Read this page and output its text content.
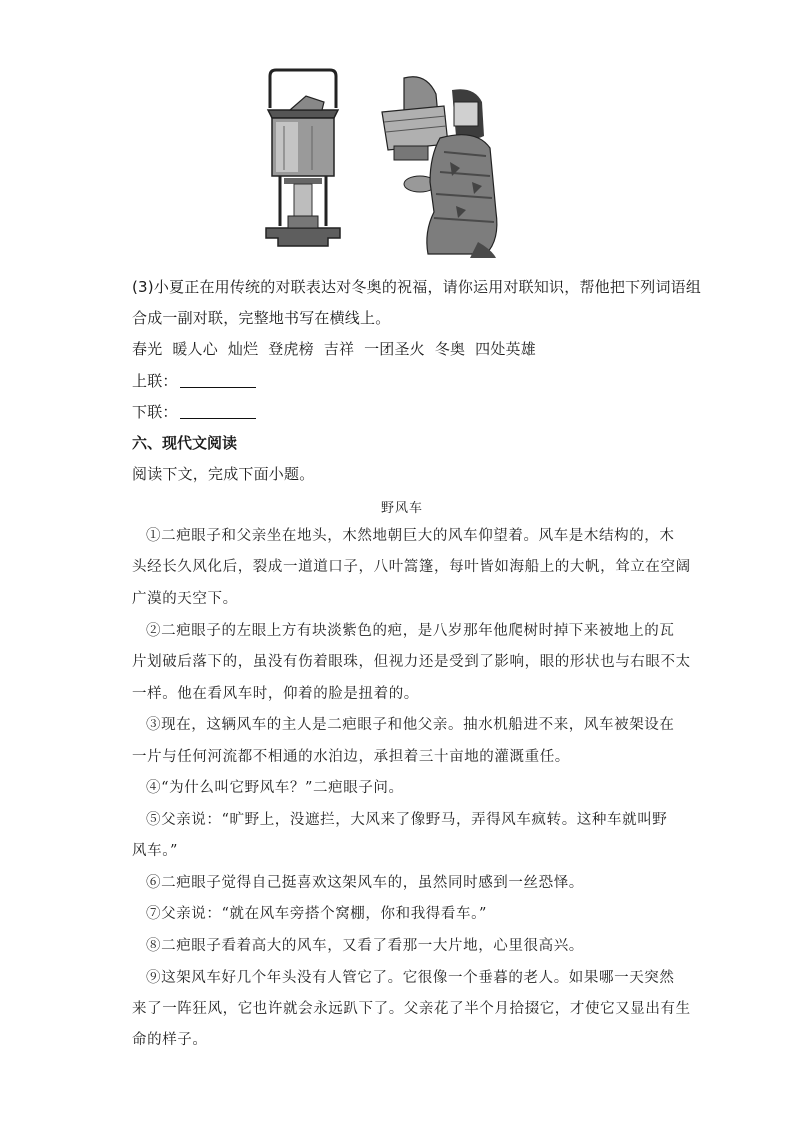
(3)小夏正在用传统的对联表达对冬奥的祝福，请你运用对联知识，帮他把下列词语组
合成一副对联，完整地书写在横线上。
春光  暖人心  灿烂  登虎榜  吉祥  一团圣火  冬奥  四处英雄
上联：
下联：
六、现代文阅读
阅读下文，完成下面小题。
野风车
①二疤眼子和父亲坐在地头，木然地朝巨大的风车仰望着。风车是木结构的，木
头经长久风化后，裂成一道道口子，八叶篙篷，每叶皆如海船上的大帆，耸立在空阔
广漠的天空下。
②二疤眼子的左眼上方有块淡紫色的疤，是八岁那年他爬树时掉下来被地上的瓦
片划破后落下的，虽没有伤着眼珠，但视力还是受到了影响，眼的形状也与右眼不太
一样。他在看风车时，仰着的脸是扭着的。
③现在，这辆风车的主人是二疤眼子和他父亲。抽水机船进不来，风车被架设在
一片与任何河流都不相通的水泊边，承担着三十亩地的灌溉重任。
④“为什么叫它野风车？”二疤眼子问。
⑤父亲说：“旷野上，没遮拦，大风来了像野马，弄得风车疯转。这种车就叫野
风车。”
⑥二疤眼子觉得自己挺喜欢这架风车的，虽然同时感到一丝恐怿。
⑦父亲说：“就在风车旁搭个窝棚，你和我得看车。”
⑧二疤眼子看着高大的风车，又看了看那一大片地，心里很高兴。
⑨这架风车好几个年头没有人管它了。它很像一个垂暮的老人。如果哪一天突然
来了一阵狂风，它也许就会永远趴下了。父亲花了半个月拾掇它，才使它又显出有生
命的样子。
